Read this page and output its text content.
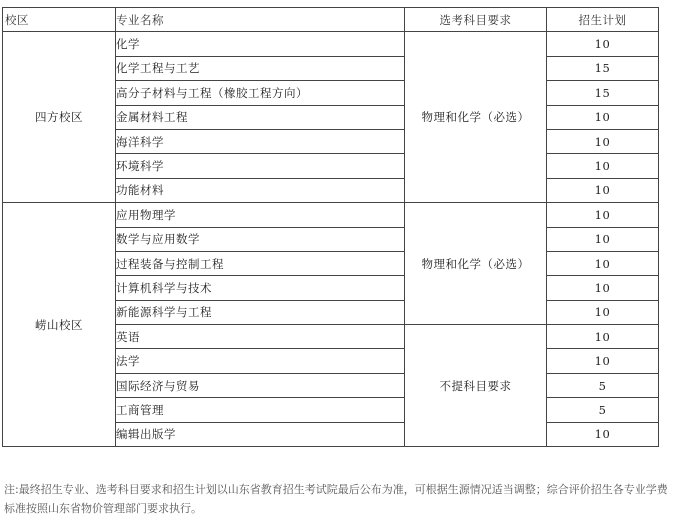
校区	专业名称	选考科目要求	招生计划
四方校区	化学	物理和化学（必选）	10
	化学工程与工艺		15
	高分子材料与工程（橡胶工程方向）		15
	金属材料工程		10
	海洋科学		10
	环境科学		10
	功能材料		10
崂山校区	应用物理学	物理和化学（必选）	10
	数学与应用数学		10
	过程装备与控制工程		10
	计算机科学与技术		10
	新能源科学与工程		10
	英语	不提科目要求	10
	法学		10
	国际经济与贸易		5
	工商管理		5
	编辑出版学		10

注:最终招生专业、选考科目要求和招生计划以山东省教育招生考试院最后公布为准，可根据生源情况适当调整；综合评价招生各专业学费标准按照山东省物价管理部门要求执行。
